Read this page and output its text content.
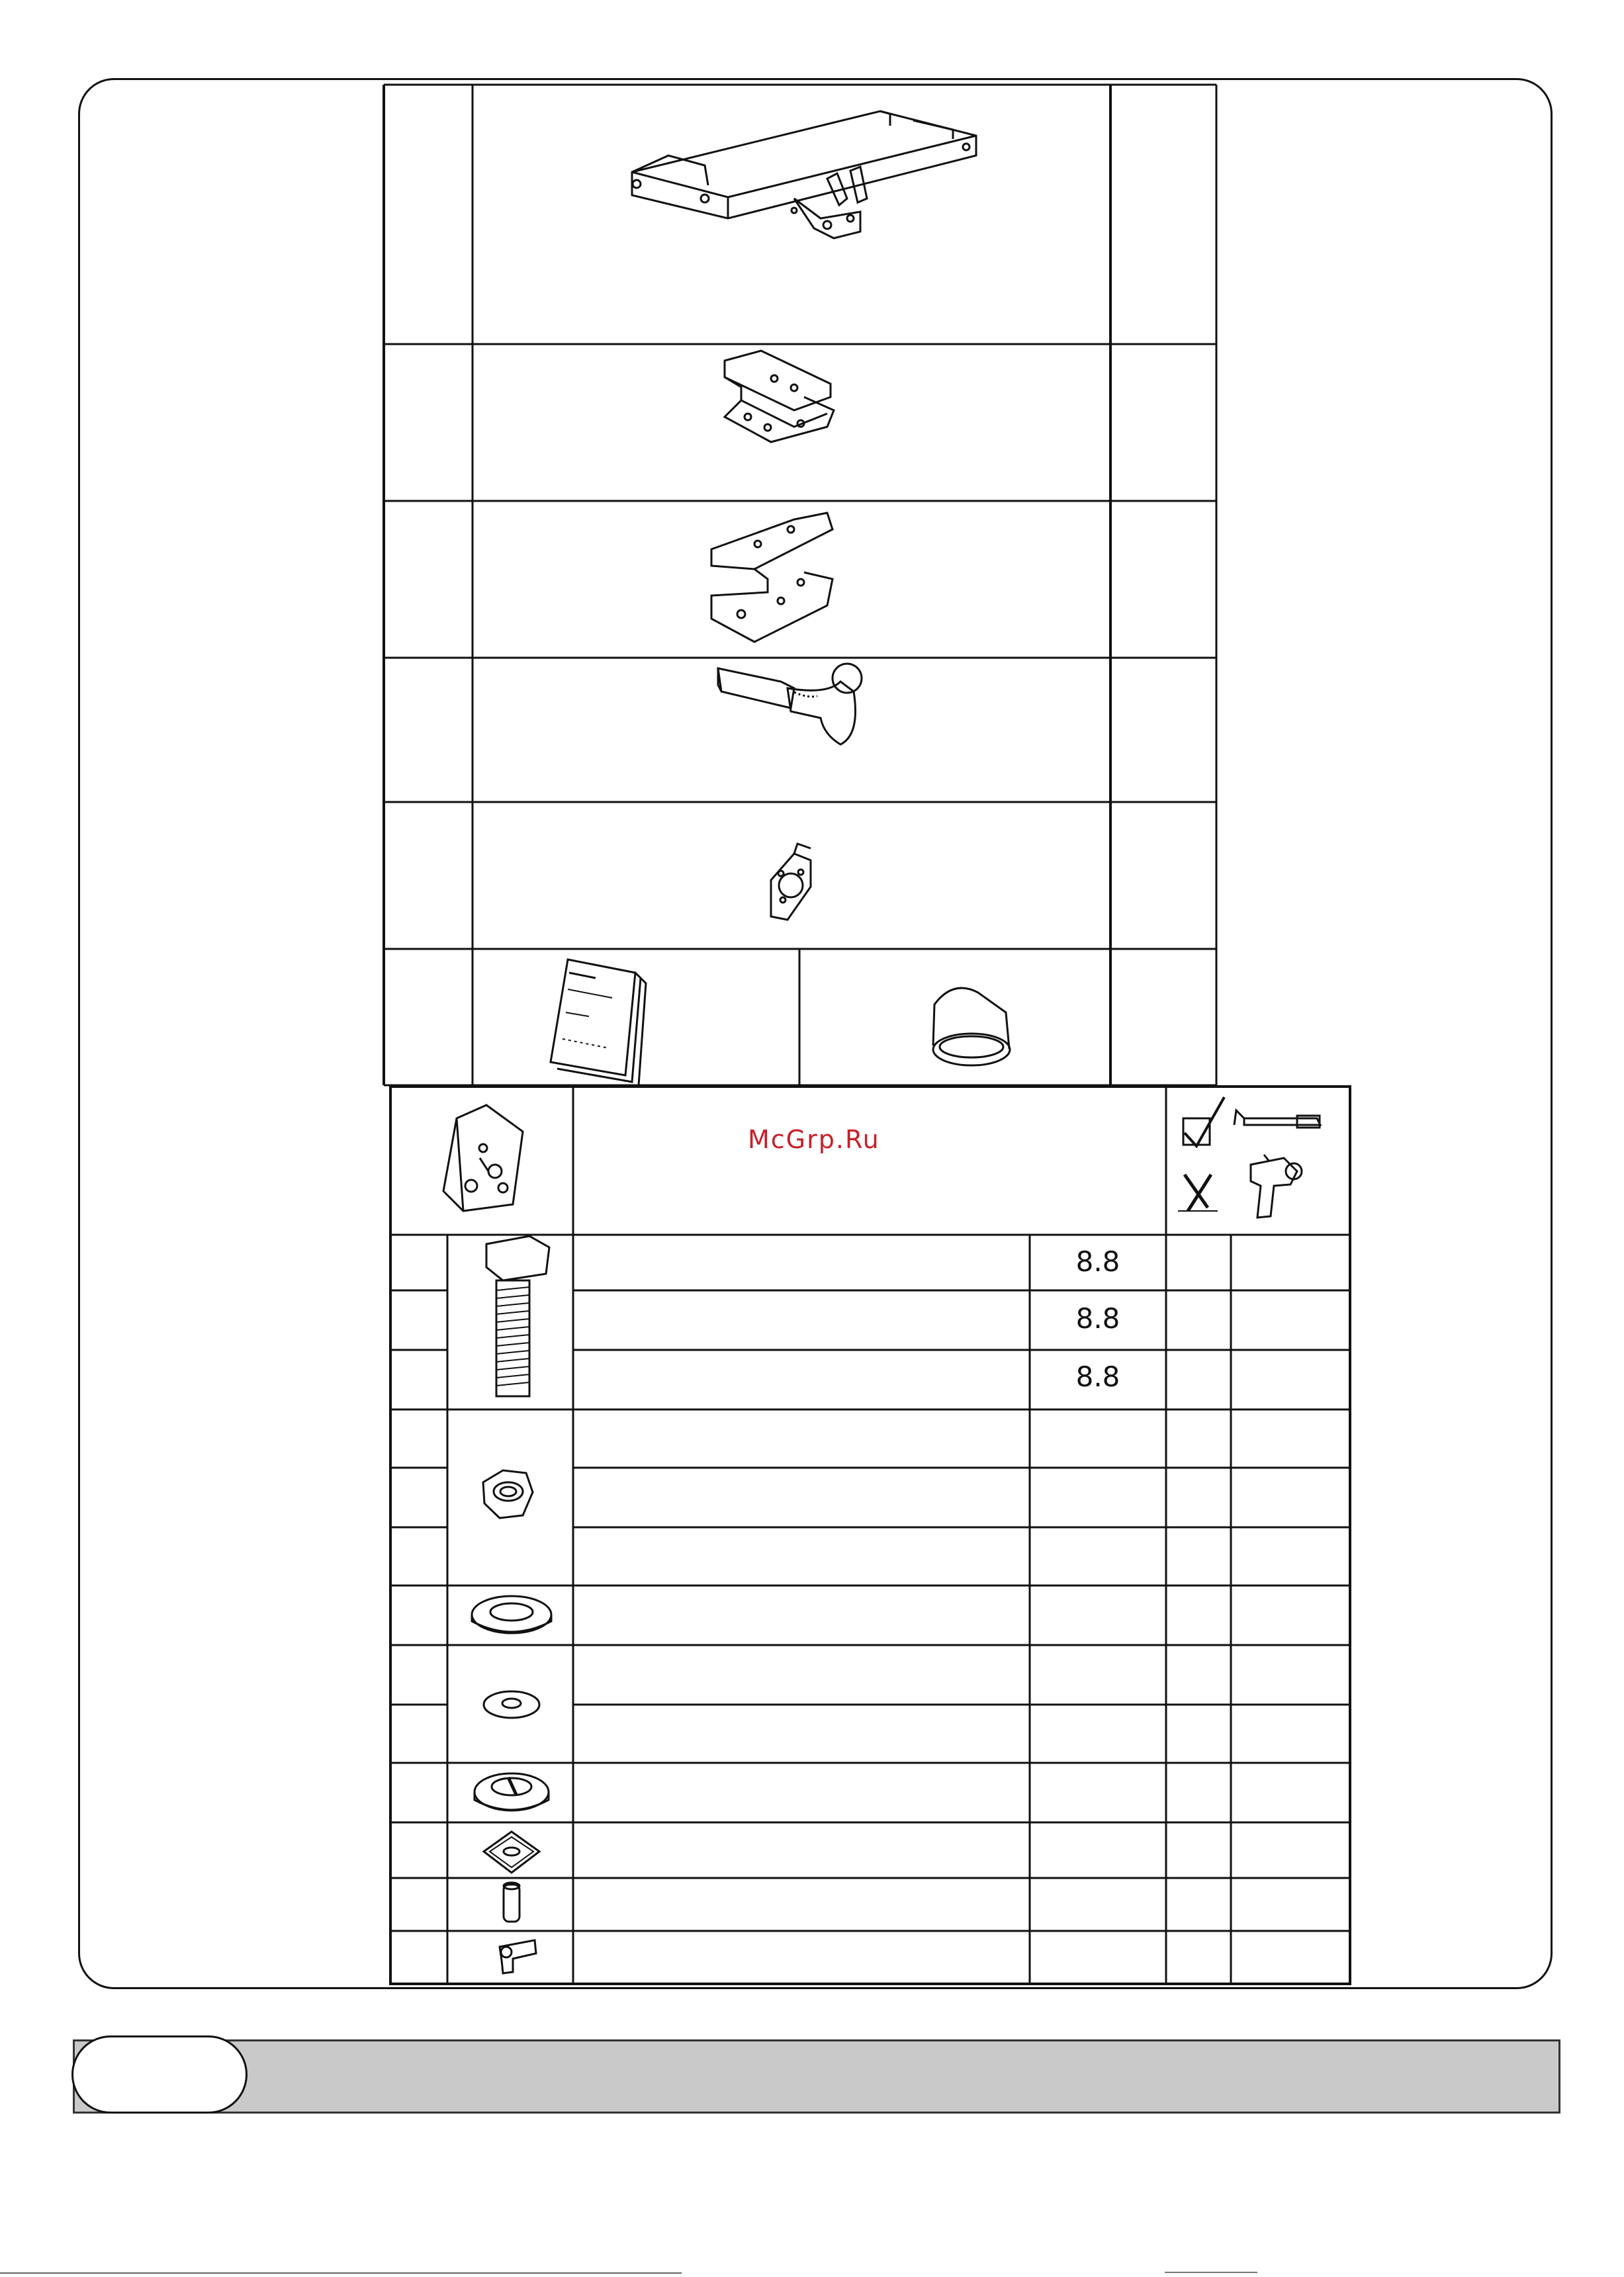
McGrp.Ru
8.8
8.8
8.8
